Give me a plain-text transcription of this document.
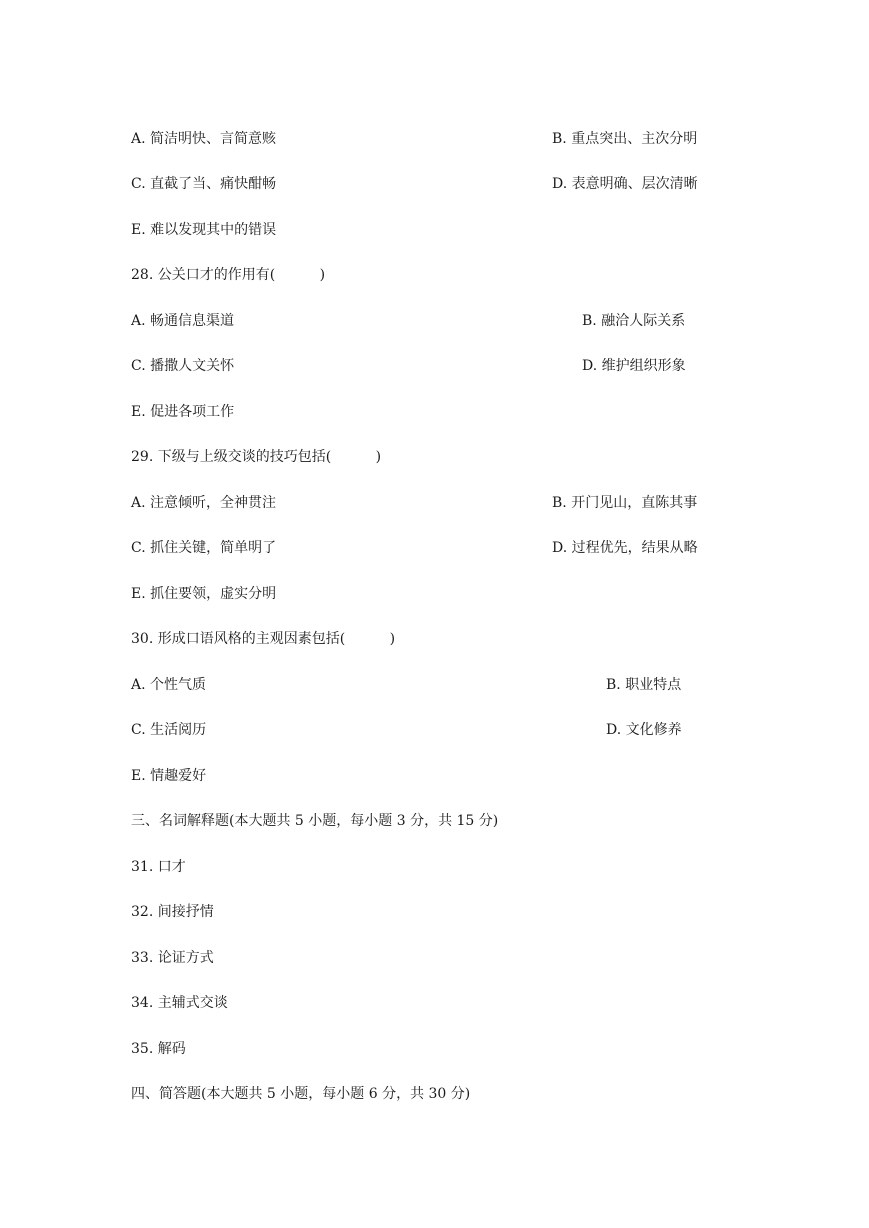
A. 简洁明快、言简意赅	B. 重点突出、主次分明
C. 直截了当、痛快酣畅	D. 表意明确、层次清晰
E. 难以发现其中的错误
28. 公关口才的作用有(          )
A. 畅通信息渠道	B. 融洽人际关系
C. 播撒人文关怀	D. 维护组织形象
E. 促进各项工作
29. 下级与上级交谈的技巧包括(          )
A. 注意倾听，全神贯注	B. 开门见山，直陈其事
C. 抓住关键，简单明了	D. 过程优先，结果从略
E. 抓住要领，虚实分明
30. 形成口语风格的主观因素包括(          )
A. 个性气质	B. 职业特点
C. 生活阅历	D. 文化修养
E. 情趣爱好
三、名词解释题(本大题共 5 小题，每小题 3 分，共 15 分)
31. 口才
32. 间接抒情
33. 论证方式
34. 主辅式交谈
35. 解码
四、简答题(本大题共 5 小题，每小题 6 分，共 30 分)
